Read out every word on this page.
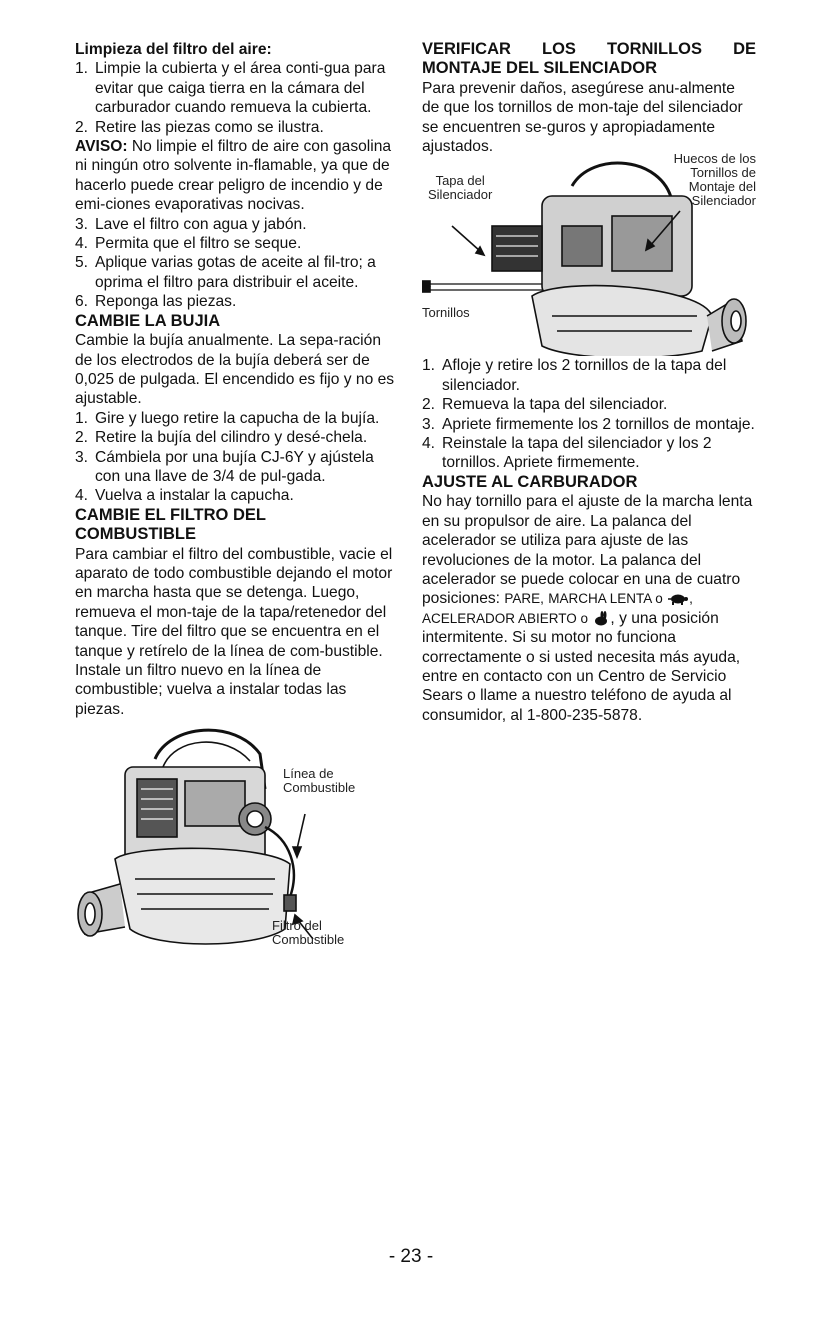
Limpieza del filtro del aire:

1. Limpie la cubierta y el área conti-gua para evitar que caiga tierra en la cámara del carburador cuando remueva la cubierta.
2. Retire las piezas como se ilustra.

AVISO: No limpie el filtro de aire con gasolina ni ningún otro solvente in-flamable, ya que de hacerlo puede crear peligro de incendio y de emi-ciones evaporativas nocivas.

3. Lave el filtro con agua y jabón.
4. Permita que el filtro se seque.
5. Aplique varias gotas de aceite al fil-tro; a oprima el filtro para distribuir el aceite.
6. Reponga las piezas.

CAMBIE LA BUJIA

Cambie la bujía anualmente. La sepa-ración de los electrodos de la bujía deberá ser de 0,025 de pulgada. El encendido es fijo y no es ajustable.

1. Gire y luego retire la capucha de la bujía.
2. Retire la bujía del cilindro y desé-chela.
3. Cámbiela por una bujía CJ-6Y y ajústela con una llave de 3/4 de pul-gada.
4. Vuelva a instalar la capucha.

CAMBIE EL FILTRO DEL
COMBUSTIBLE

Para cambiar el filtro del combustible, vacie el aparato de todo combustible dejando el motor en marcha hasta que se detenga. Luego, remueva el mon-taje de la tapa/retenedor del tanque. Tire del filtro que se encuentra en el tanque y retírelo de la línea de com-bustible. Instale un filtro nuevo en la línea de combustible; vuelva a instalar todas las piezas.

Línea de
Combustible
Filtro del
Combustible

VERIFICAR LOS TORNILLOS DE
MONTAJE DEL SILENCIADOR

Para prevenir daños, asegúrese anu-almente de que los tornillos de mon-taje del silenciador se encuentren se-guros y apropiadamente ajustados.

Huecos de los
Tornillos de
Montaje del
Silenciador
Tapa del
Silenciador
Tornillos
1. Afloje y retire los 2 tornillos de la tapa del silenciador.
2. Remueva la tapa del silenciador.
3. Apriete firmemente los 2 tornillos de montaje.
4. Reinstale la tapa del silenciador y los 2 tornillos. Apriete firmemente.

AJUSTE AL CARBURADOR

No hay tornillo para el ajuste de la marcha lenta en su propulsor de aire. La palanca del acelerador se utiliza para ajuste de las revoluciones de la motor. La palanca del acelerador se puede colocar en una de cuatro posiciones: PARE, MARCHA LENTA o , ACELERADOR ABIERTO o , y una posición intermitente. Si su motor no funciona correctamente o si usted necesita más ayuda, entre en contacto con un Centro de Servicio Sears o llame a nuestro teléfono de ayuda al consumidor, al 1-800-235-5878.

- 23 -
